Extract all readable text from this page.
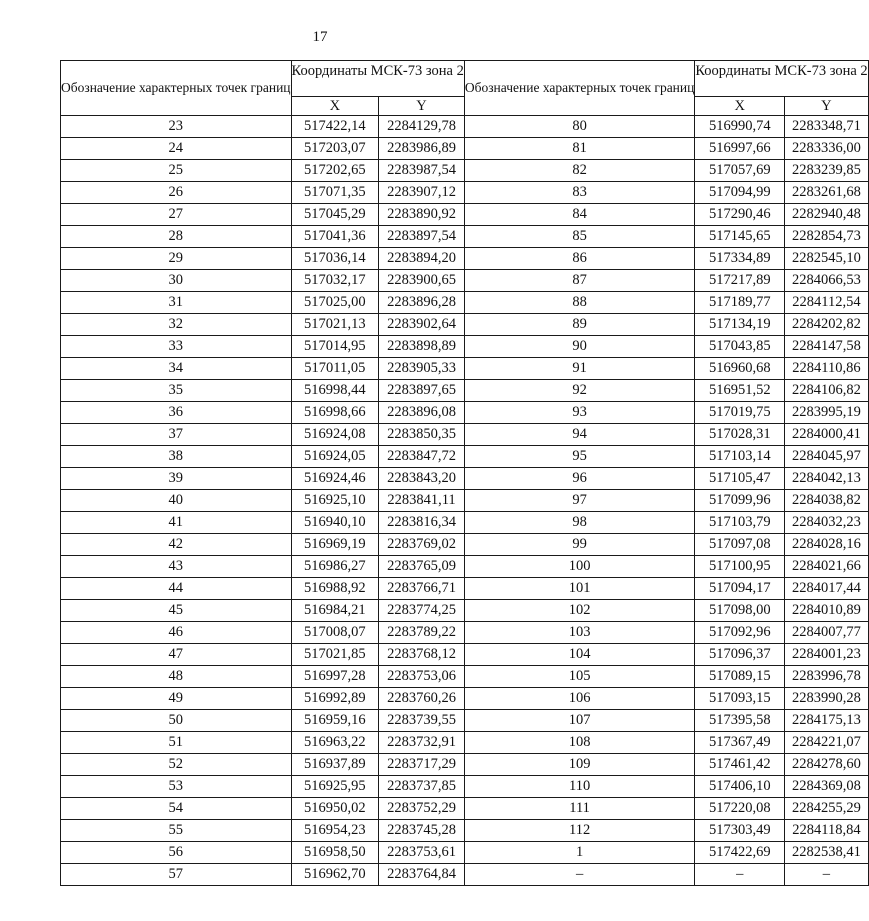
17
Обозначение характерных точек границ	Координаты МСК-73 зона 2		Обозначение характерных точек границ	Координаты МСК-73 зона 2	
	X	Y		X	Y
23	517422,14	2284129,78	80	516990,74	2283348,71
24	517203,07	2283986,89	81	516997,66	2283336,00
25	517202,65	2283987,54	82	517057,69	2283239,85
26	517071,35	2283907,12	83	517094,99	2283261,68
27	517045,29	2283890,92	84	517290,46	2282940,48
28	517041,36	2283897,54	85	517145,65	2282854,73
29	517036,14	2283894,20	86	517334,89	2282545,10
30	517032,17	2283900,65	87	517217,89	2284066,53
31	517025,00	2283896,28	88	517189,77	2284112,54
32	517021,13	2283902,64	89	517134,19	2284202,82
33	517014,95	2283898,89	90	517043,85	2284147,58
34	517011,05	2283905,33	91	516960,68	2284110,86
35	516998,44	2283897,65	92	516951,52	2284106,82
36	516998,66	2283896,08	93	517019,75	2283995,19
37	516924,08	2283850,35	94	517028,31	2284000,41
38	516924,05	2283847,72	95	517103,14	2284045,97
39	516924,46	2283843,20	96	517105,47	2284042,13
40	516925,10	2283841,11	97	517099,96	2284038,82
41	516940,10	2283816,34	98	517103,79	2284032,23
42	516969,19	2283769,02	99	517097,08	2284028,16
43	516986,27	2283765,09	100	517100,95	2284021,66
44	516988,92	2283766,71	101	517094,17	2284017,44
45	516984,21	2283774,25	102	517098,00	2284010,89
46	517008,07	2283789,22	103	517092,96	2284007,77
47	517021,85	2283768,12	104	517096,37	2284001,23
48	516997,28	2283753,06	105	517089,15	2283996,78
49	516992,89	2283760,26	106	517093,15	2283990,28
50	516959,16	2283739,55	107	517395,58	2284175,13
51	516963,22	2283732,91	108	517367,49	2284221,07
52	516937,89	2283717,29	109	517461,42	2284278,60
53	516925,95	2283737,85	110	517406,10	2284369,08
54	516950,02	2283752,29	111	517220,08	2284255,29
55	516954,23	2283745,28	112	517303,49	2284118,84
56	516958,50	2283753,61	1	517422,69	2282538,41
57	516962,70	2283764,84	–	–	–
